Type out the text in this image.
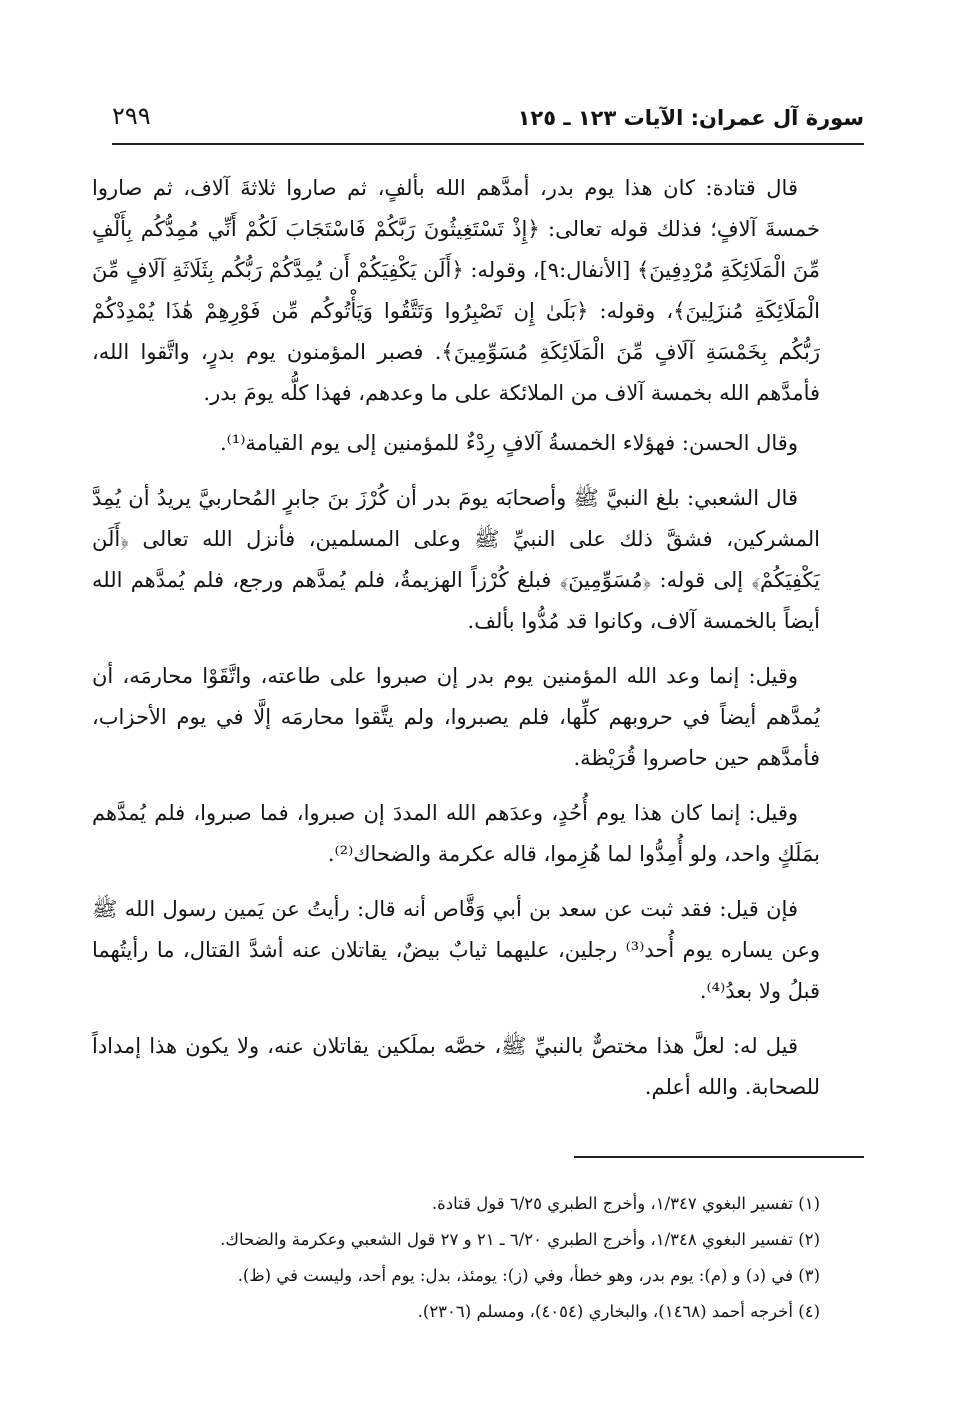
سورة آل عمران: الآيات ١٢٣ ـ ١٢٥
٢٩٩

قال قتادة: كان هذا يوم بدر، أمدَّهم الله بألفٍ، ثم صاروا ثلاثةَ آلاف، ثم صاروا خمسةَ آلافٍ؛ فذلك قوله تعالى: ﴿إِذْ تَسْتَغِيثُونَ رَبَّكُمْ فَاسْتَجَابَ لَكُمْ أَنِّي مُمِدُّكُم بِأَلْفٍ مِّنَ الْمَلَائِكَةِ مُرْدِفِينَ﴾ [الأنفال:٩]، وقوله: ﴿أَلَن يَكْفِيَكُمْ أَن يُمِدَّكُمْ رَبُّكُم بِثَلَاثَةِ آلَافٍ مِّنَ الْمَلَائِكَةِ مُنزَلِينَ﴾، وقوله: ﴿بَلَىٰ إِن تَصْبِرُوا وَتَتَّقُوا وَيَأْتُوكُم مِّن فَوْرِهِمْ هَٰذَا يُمْدِدْكُمْ رَبُّكُم بِخَمْسَةِ آلَافٍ مِّنَ الْمَلَائِكَةِ مُسَوِّمِينَ﴾. فصبر المؤمنون يوم بدرٍ، واتَّقوا الله، فأمدَّهم الله بخمسة آلاف من الملائكة على ما وعدهم، فهذا كلُّه يومَ بدر.

وقال الحسن: فهؤلاء الخمسةُ آلافٍ رِدْءٌ للمؤمنين إلى يوم القيامة⁽¹⁾.

قال الشعبي: بلغ النبيَّ ﷺ وأصحابَه يومَ بدر أن كُرْزَ بنَ جابرٍ المُحاربيَّ يريدُ أن يُمِدَّ المشركين، فشقَّ ذلك على النبيِّ ﷺ وعلى المسلمين، فأنزل الله تعالى ﴿أَلَن يَكْفِيَكُمْ﴾ إلى قوله: ﴿مُسَوِّمِينَ﴾ فبلغ كُرْزاً الهزيمةُ، فلم يُمدَّهم ورجع، فلم يُمدَّهم الله أيضاً بالخمسة آلاف، وكانوا قد مُدُّوا بألف.

وقيل: إنما وعد الله المؤمنين يوم بدر إن صبروا على طاعته، واتَّقَوْا محارمَه، أن يُمدَّهم أيضاً في حروبهم كلِّها، فلم يصبروا، ولم يتَّقوا محارمَه إلَّا في يوم الأحزاب، فأمدَّهم حين حاصروا قُرَيْظة.

وقيل: إنما كان هذا يوم أُحُدٍ، وعدَهم الله المددَ إن صبروا، فما صبروا، فلم يُمدَّهم بمَلَكٍ واحد، ولو أُمِدُّوا لما هُزِموا، قاله عكرمة والضحاك⁽²⁾.

فإن قيل: فقد ثبت عن سعد بن أبي وَقَّاص أنه قال: رأيتُ عن يَمين رسول الله ﷺ وعن يساره يوم أُحد⁽³⁾ رجلين، عليهما ثيابٌ بيضٌ، يقاتلان عنه أشدَّ القتال، ما رأيتُهما قبلُ ولا بعدُ⁽⁴⁾.

قيل له: لعلَّ هذا مختصٌّ بالنبيِّ ﷺ، خصَّه بملَكين يقاتلان عنه، ولا يكون هذا إمداداً للصحابة. والله أعلم.

(١) تفسير البغوي ١/٣٤٧، وأخرج الطبري ٦/٢٥ قول قتادة.

(٢) تفسير البغوي ١/٣٤٨، وأخرج الطبري ٦/٢٠ ـ ٢١ و ٢٧ قول الشعبي وعكرمة والضحاك.

(٣) في (د) و (م): يوم بدر، وهو خطأ، وفي (ز): يومئذ، بدل: يوم أحد، وليست في (ظ).

(٤) أخرجه أحمد (١٤٦٨)، والبخاري (٤٠٥٤)، ومسلم (٢٣٠٦).
